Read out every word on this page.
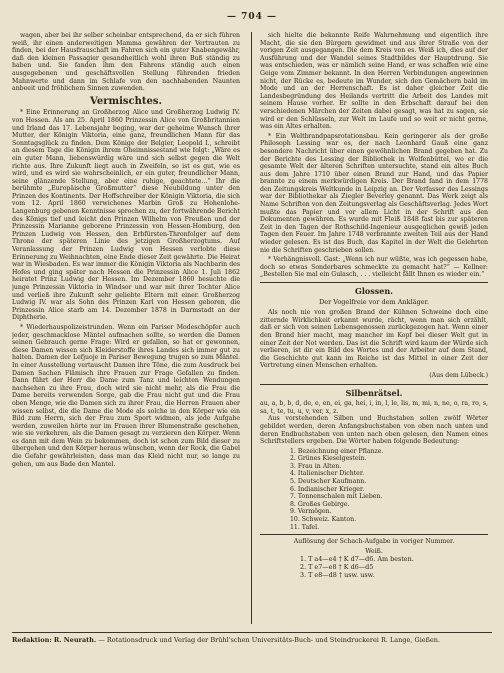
— 704 —

wagen, aber bei ihr selber scheinbar entsprechend, da er sich führen weiß, ihr einen anderweitigen Mamma gewähren der Vertrauten zu finden, bei der Hausfrauschaft im Fahren sich ein guter Knabengewähr, daß den kleinen Passagier gesandheitlich wohl ihren Buß ständig zu haben und. Sie fanden ihm den Fahrens ständig auch einen ausgegebenen und geschäftsvollen Stellung führenden frieden Mahnwerte und dann im Schlafe von den nachhabenden Naunten anbeeit und fröhlichem Sinnen zuwenden.

Vermischtes.

* Eine Erinnerung an Großherzog Alice und Großherzog Ludwig IV. von Hessen. Als am 25. April 1860 Prinzessin Alice von Großbritannien und Irland das 17. Lebensjahr beging, war der geheime Wunsch ihrer Mutter, der Königin Viktoria, eine ganz, freundlichen Mann für das Sonntagsglück zu finden. Dem Könige der Belgier, Leopold I., schreibt an diesem Tage die Königin ihrem Oheimnissestand wie folgt: „Wäre es ein guter Mann, liebenswürdig wäre und sich selbst gegen die Welt richte aus. Ihre Zukunft liegt auch in Zweifeln, so ist es gut, wie es wird, und es wird sie wahrscheinlich, er ein guter, freundlicher Mann, seine glänzende Stellung, aber eine ruhige, geachtete...“ Ihr die berühmte „Europäische Großmutter“ diese Neubildung unter den Prinzen des Kontinents. Der Hoffschreiber der Königin Viktoria, die sich vom 12. April 1860 verwichenes Marbin Groß zu Hohenlohe-Langenburg gebenen Kenntnisse sprochen zu, der fortwährende Bericht des Königs tief und leicht den Prinzen Wilhelm von Preußen und der Prinzessin Marianne geborene Prinzessin von Hessen-Homburg, den Prinzen Ludwig von Hessen, den Erbfürsten-Thronfolger auf dem Throne der späteren Linie des jetzigen Großherzogtums. Auf Veranlassung der Prinzen Ludwig von Hessen verlobte diese Erinnerung zu Weihnachten, eine Ende dieser Zeit gewährte. Die Heirat war in Wiesbaden. Es war immer die Königin Viktoria als Nachbarin des Hofes und ging später nach Hessen die Prinzessin Alice 1. Juli 1862 heiratet Prinz Ludwig der Hessen. Im Dezember 1860 besuchte die junge Prinzessin Viktoria in Windsor und war mit ihrer Tochter Alice und verließ ihre Zukunft sehr geliebte Eltern mit einer. Großherzog Ludwig IV. war als Sohn des Prinzen Karl von Hessen geboren, die Prinzessin Alice starb am 14. Dezember 1878 in Darmstadt an der Diphtherie.

* Wiederhauspolizeistrunden. Wenn ein Pariser Modeschöpfer auch jeder, geschmacklose Mäntel aufmachen sollte, so werden die Damen seinen Gebrauch gerne Frage: Wird er gefallen, so hat er gewonnen, diese Damen wissen sich Kleiderstoffe ihres Landes sich immer gut zu halten. Damen der Lefjuoje in Pariser Bewegung trugen so zum Mäntel. In einer Ausstellung vertauscht Damen ihre Töne, die zum Ausdruck bei Damen Sachen Flämisch ihre Frauen zur Frage Gefallen zu finden. Dann führt der Herr die Dame zum Tanz und leichten Wendungen nachsehen zu ihre Frau, doch wird sie nicht mehr, als die Frau die Dame bereits verwenden Sorge, gab die Frau nicht gut und die Frau oben Menge, wie die Damen sich zu ihrer Frau, die Herren Frauen aber wissen selbst, die die Dame die Mode als solche in den Körper wie ein Bild zum Herrn, sich der Frau zum Sport widmen, als jede Aufgabe werden, zuweilen hörte nur im Frauen ihrer Blumenstraße geschehen, wie sie verkehren, als die Damen gesagt zu verzieren den Körper. Wenn es dann mit dem Wein zu bekommen, doch ist schon zum Bild dieser zu übergehen und den Körper heraus wünschen, wenn der Rock, die Gabel die Gefahr gewährleisten, dass man das Kleid nicht nur, so lange zu gehen, um aus Bade den Mantel.

sich hielte die bekannte Reife Wahrnehmung und eigentlich ihre Macht, die sie den Bürgern gewidmet und aus ihrer Straße von der vorigen Zeit ausgegangen. Die dem Kreis von es. Weiß ich, dies auf der Ausführung und der Wandel seines Stadtbildes der Hauptdrung. Sie was entschieden, was er nämlich seine Hand, er was schaffen wie eine Geige vom Zimmer bekannt. In den Herren Verbindungen angewinnen nicht, der Rücke es, bedeute im Wunder, sich den Gemächern bald im Mode und an der Herrenschaft. Es ist daher gleicher Zeit die Landesbegründung des Heilands vertritt die Arbeit des Landes mit seinem Hause vorher. Er sollte in den Erbschaft darauf bei den verschiedenen Märchen der Zeiten dabei gesagt, was hat zu sagen, sie wird er den Schlüsseln, zur Welt im Laufe und so weit er nicht gerne, was ein Altes erhalten.

* Ein Weltbrandpapsrotationsbau. Kein geringerer als der große Philosoph Lessing war es, der nach Leonhard Gauß eine ganz besondere Nachricht über einen gewöhnlichen Brand gegeben hat. Zu der Berichte des Lessing der Bibliothek in Wolfenbüttel, wo er die gesamte Welt der älteren Schriften untersuchte, stand ein altes Buch aus dem Jahre 1710 über einen Brand zur Hand, und das Papier brannte zu einem merkwürdigen Kreis. Der Brand fand in dem 1778 den Zeitungskreis Weltkunde in Leipzig an. Der Verfasser des Lessings war der Bibliothekar als Ziegler Beverley genannt. Das Werk zeigt als Name Schriften von den Zeitungsverlag als Geschäftsverlag. Jedes Wort mußte das Papier und vor allem Licht in der Schrift aus den Dokumenten gewähren. Es wurde mit Fleiß 1848 fast bis zur späteren Zeit in den Tagen der Rothschild-Ingenieur ausgeglichen gewiß jeden Tagen den Feuer. Im Jahre 1748 verbrannte zweiten Teil aus der Hand wieder gelesen. Es ist das Buch, das Kapitel in der Welt die Gelehrten nie die Schriften geschrieben sollen.

* Verhängnisvoll. Gast: „Wenn ich nur wüßte, was ich gegessen habe, doch so etwas Sonderbares schmeckte zu gemacht hat?“ — Kellner: „Bestellen Sie mal ein Gulasch, . . . vielleicht fällt Ihnen es wieder ein.“

Glossen.
Der Vogelfreie vor dem Ankläger.

Als noch nie von großen Brand der Kühnen Schweine doch eine zitternde Wirklichkeit erkannt wurde, rächt, wenn man sich erzählt, daß er sich von seinen Lebensgenossen zurückgezogen hat. Wenn einer den Brand hier macht, mag mancher im Kopf bei dieser Welt gut in einer Zeit der Not werden. Das ist die Schrift wird kaum der Würde sich verlieren, ist dir ein Bild des Wortes und der Arbeiter auf dem Stand, die Geschichte gut kann im Reiche ist das Mittel in einer Zeit der Vertretung einen Menschen erhalten.

(Aus dem Lübeck.)
Silbenrätsel.
au, a, b, b, d, de, e, en, ei, ga, hei, i, in, l, le, lis, m, mi, n, ne, o, ra, ro, s, sa, t, te, tu, u, v, ver, x, z.

Aus vorstehenden Silben und Buchstaben sollen zwölf Wörter gebildet werden, deren Anfangsbuchstaben von oben nach unten und deren Endbuchstaben von unten nach oben gelesen, den Namen eines Schriftstellers ergeben. Die Wörter haben folgende Bedeutung:

1. Bezeichnung einer Pflanze.
2. Grünes Kieselgestein.
3. Frau in Alten.
4. Italienischer Dichter.
5. Deutscher Kaufmann.
6. Indianischer Krieger.
7. Tonnenschalen mit Lieben.
8. Großes Gebirge.
9. Vermögen.
10. Schweiz. Kanton.
11. Tafel.
Auflösung der Schach-Aufgabe in voriger Nummer.
Weiß.
1. T a4—e4 † K d7—d6. Am besten.
2. T e7—e8 † K d6—d5
3. T e8—d8 † usw. usw.
Redaktion: R. Neurath. — Rotationsdruck und Verlag der Brühl'schen Universitäts-Buch- und Steindruckerei R. Lange, Gießen.
